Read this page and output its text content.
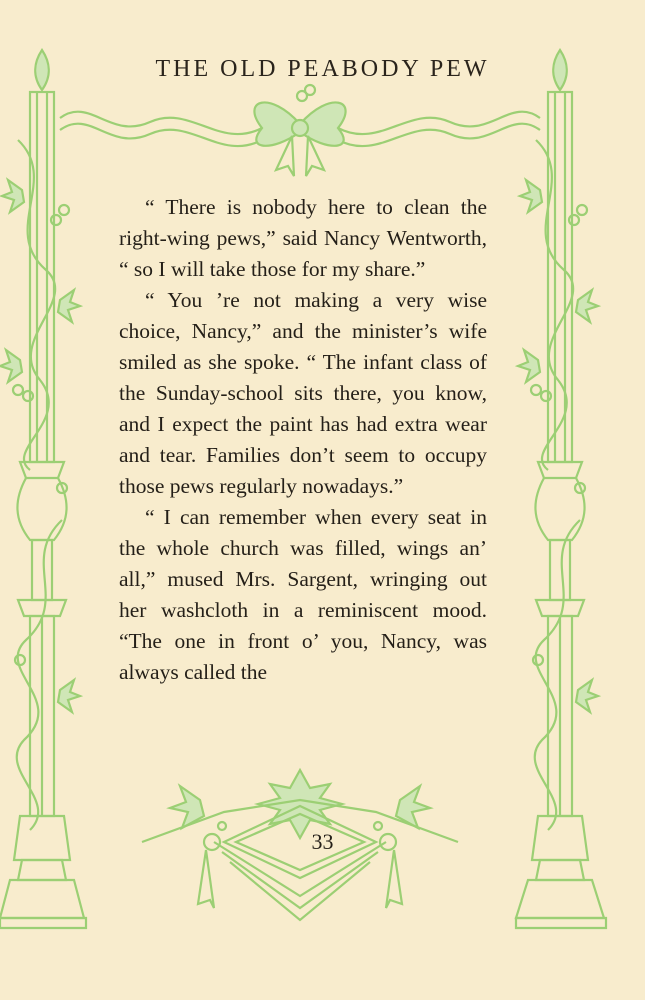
THE OLD PEABODY PEW

“ There is nobody here to clean the right-wing pews,” said Nancy Wentworth, “ so I will take those for my share.”

“ You ’re not making a very wise choice, Nancy,” and the minister’s wife smiled as she spoke. “ The infant class of the Sunday-school sits there, you know, and I expect the paint has had extra wear and tear. Families don’t seem to occupy those pews regularly nowadays.”

“ I can remember when every seat in the whole church was filled, wings an’ all,” mused Mrs. Sargent, wringing out her washcloth in a reminiscent mood. “The one in front o’ you, Nancy, was always called the

33
